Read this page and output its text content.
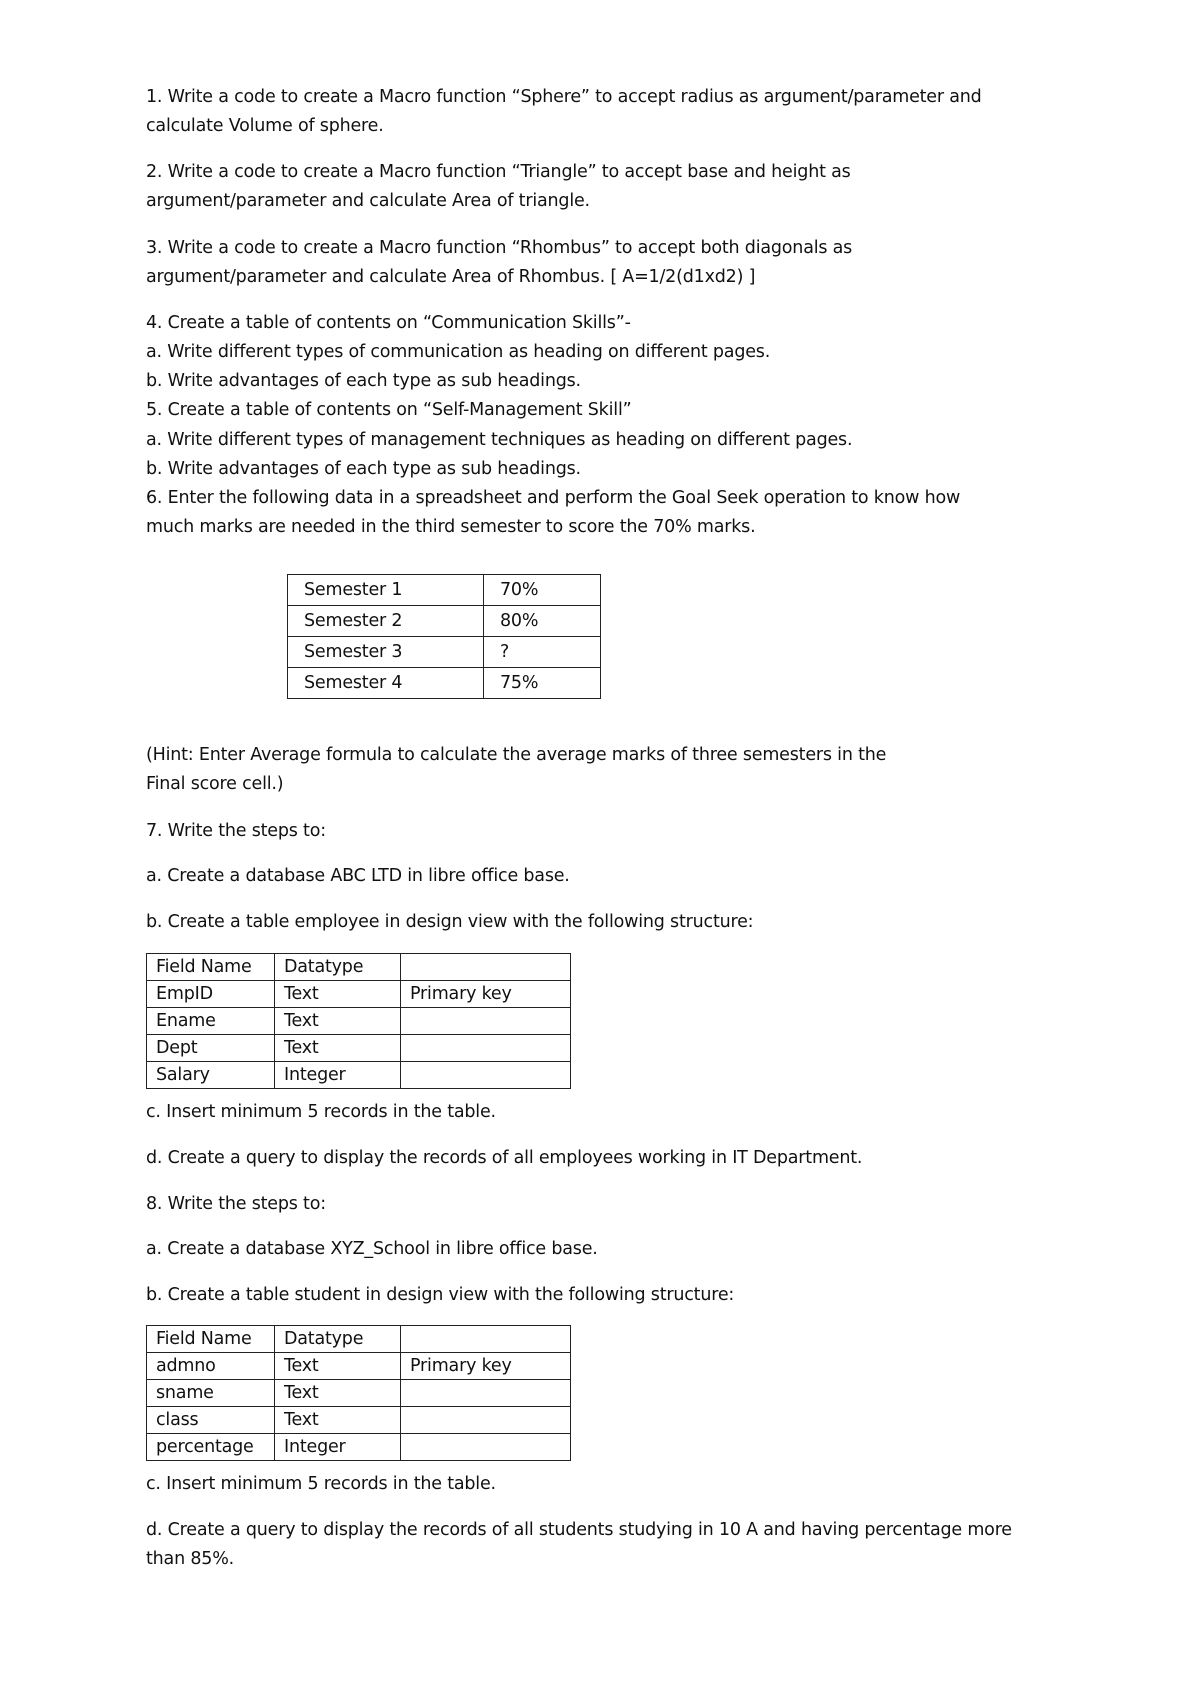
1. Write a code to create a Macro function “Sphere” to accept radius as argument/parameter and
calculate Volume of sphere.
2. Write a code to create a Macro function “Triangle” to accept base and height as
argument/parameter and calculate Area of triangle.
3. Write a code to create a Macro function “Rhombus” to accept both diagonals as
argument/parameter and calculate Area of Rhombus. [ A=1/2(d1xd2) ]
4. Create a table of contents on “Communication Skills”-
a. Write different types of communication as heading on different pages.
b. Write advantages of each type as sub headings.
5. Create a table of contents on “Self-Management Skill”
a. Write different types of management techniques as heading on different pages.
b. Write advantages of each type as sub headings.
6. Enter the following data in a spreadsheet and perform the Goal Seek operation to know how
much marks are needed in the third semester to score the 70% marks.
Semester 1	70%
Semester 2	80%
Semester 3	?
Semester 4	75%
(Hint: Enter Average formula to calculate the average marks of three semesters in the
Final score cell.)
7. Write the steps to:
a. Create a database ABC LTD in libre office base.
b. Create a table employee in design view with the following structure:
Field Name	Datatype	
EmpID	Text	Primary key
Ename	Text	
Dept	Text	
Salary	Integer	
c. Insert minimum 5 records in the table.
d. Create a query to display the records of all employees working in IT Department.
8. Write the steps to:
a. Create a database XYZ_School in libre office base.
b. Create a table student in design view with the following structure:
Field Name	Datatype	
admno	Text	Primary key
sname	Text	
class	Text	
percentage	Integer	
c. Insert minimum 5 records in the table.
d. Create a query to display the records of all students studying in 10 A and having percentage more
than 85%.
